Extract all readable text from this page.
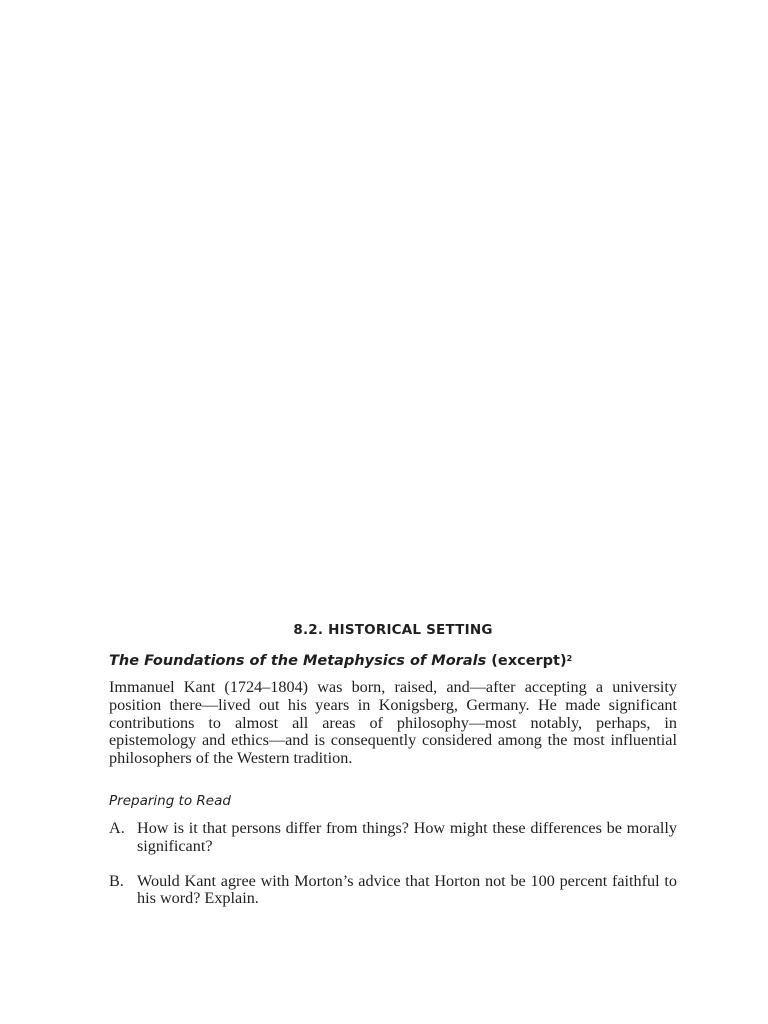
8.2. HISTORICAL SETTING
The Foundations of the Metaphysics of Morals (excerpt)$^2$

Immanuel Kant (1724–1804) was born, raised, and—after accepting a university position there—lived out his years in Konigsberg, Germany. He made significant contributions to almost all areas of philosophy—most notably, perhaps, in epistemology and ethics—and is consequently considered among the most influential philosophers of the Western tradition.

Preparing to Read
A. How is it that persons differ from things? How might these differences be morally significant?
B. Would Kant agree with Morton’s advice that Horton not be 100 percent faithful to his word? Explain.
